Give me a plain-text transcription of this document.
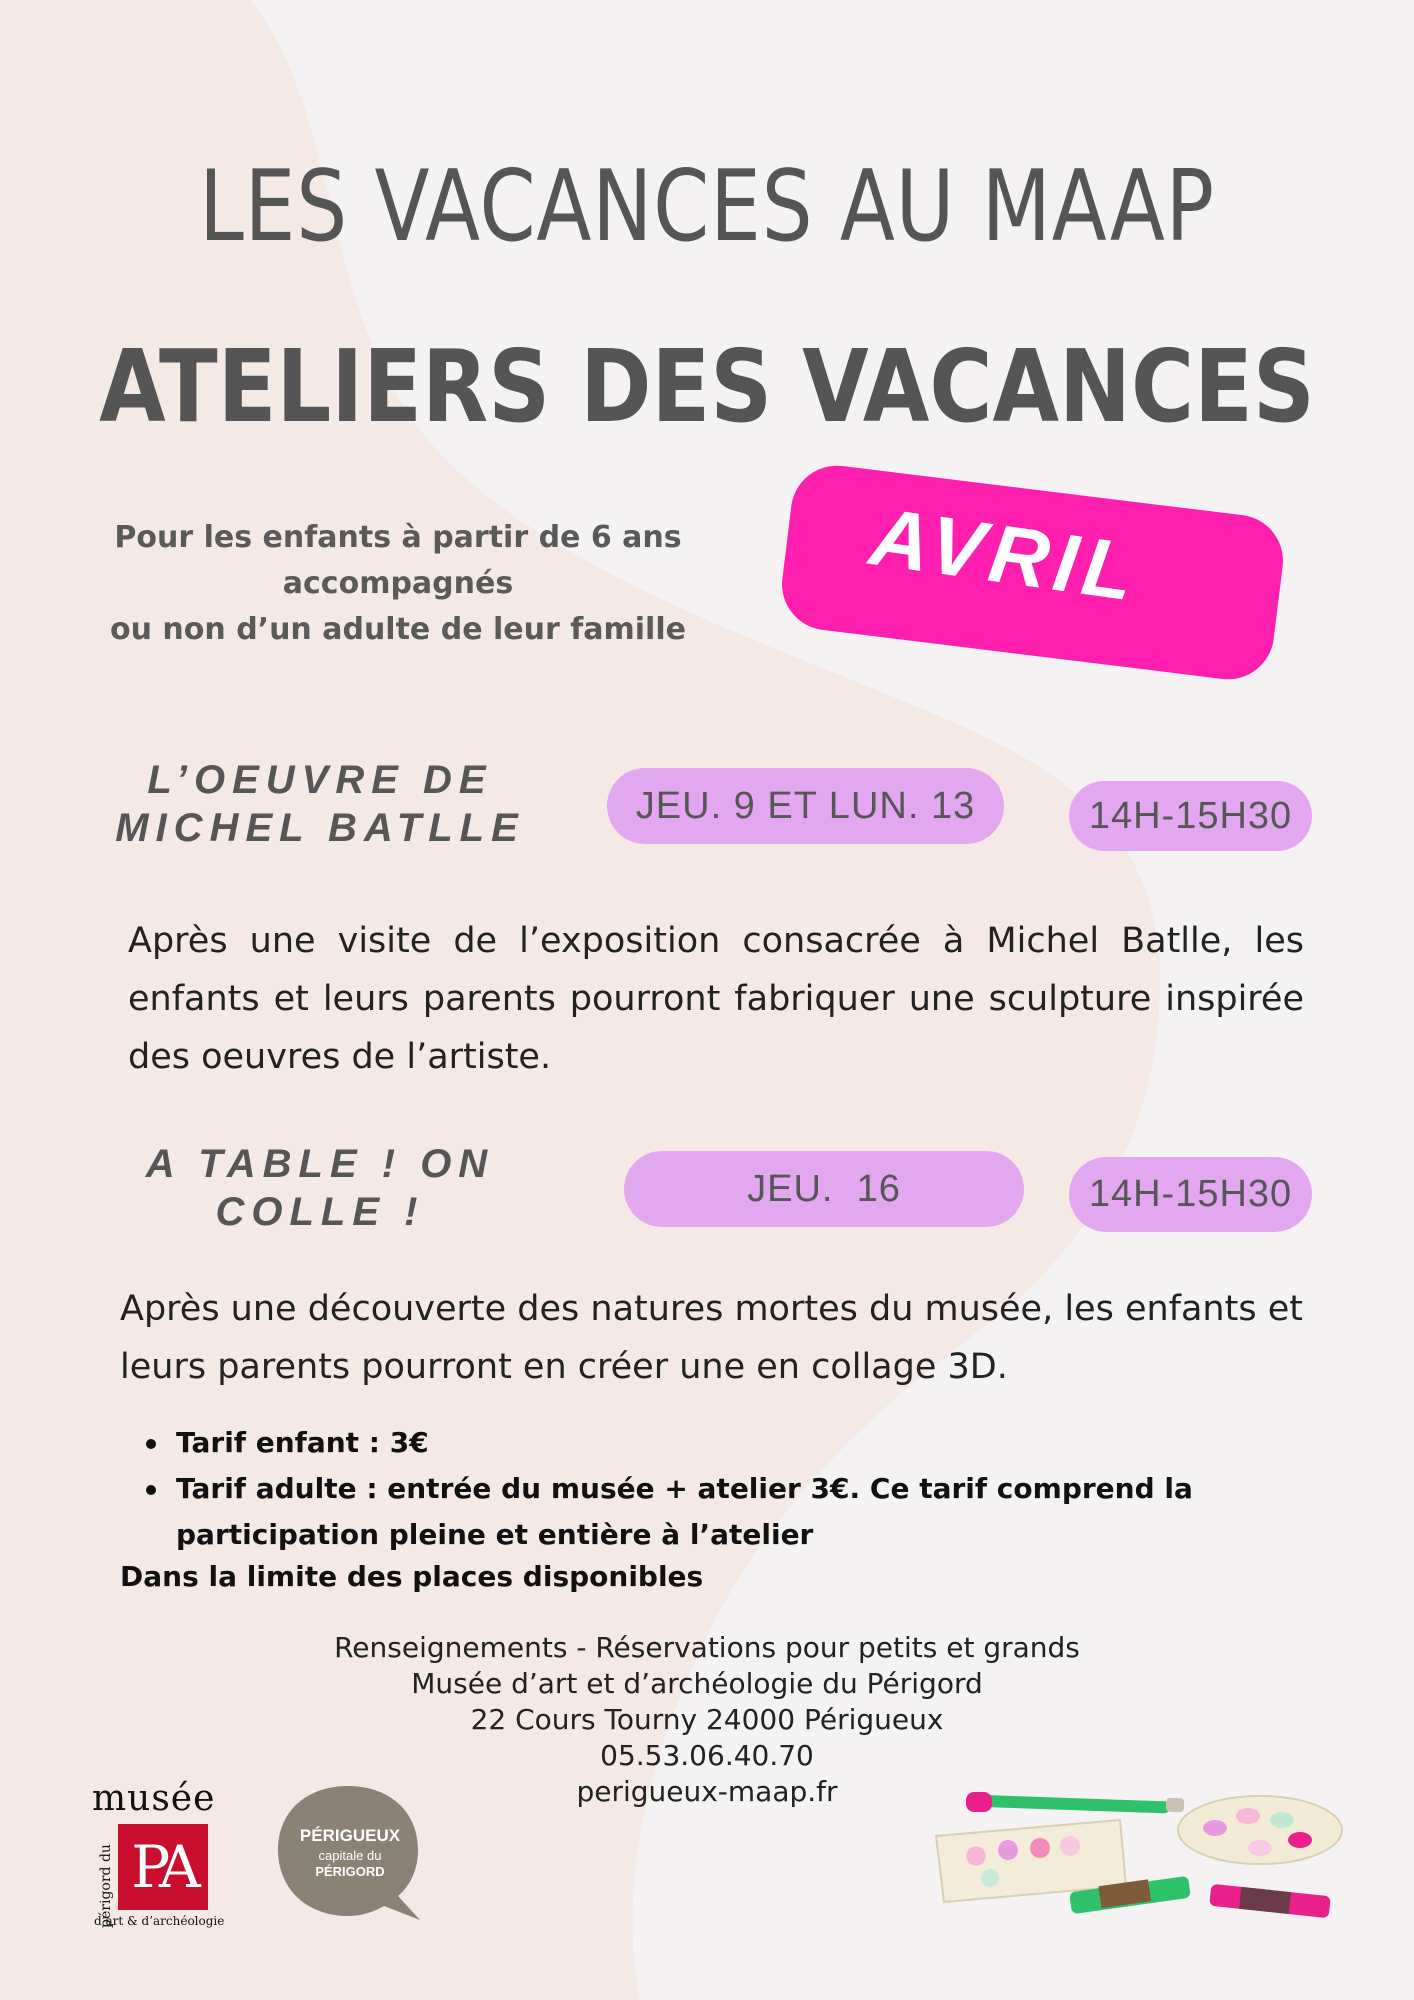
LES VACANCES AU MAAP
ATELIERS DES VACANCES
Pour les enfants à partir de 6 ans accompagnés
ou non d’un adulte de leur famille
AVRIL
L’OEUVRE DE
MICHEL BATLLE
JEU. 9 ET LUN. 13	14H-15H30
Après une visite de l’exposition consacrée à Michel Batlle, les enfants et leurs parents pourront fabriquer une sculpture inspirée des oeuvres de l’artiste.
A TABLE ! ON
COLLE !
JEU.  16	14H-15H30
Après une découverte des natures mortes du musée, les enfants et leurs parents pourront en créer une en collage 3D.
Tarif enfant : 3€
Tarif adulte : entrée du musée + atelier 3€. Ce tarif comprend la participation pleine et entière à l’atelier
Dans la limite des places disponibles
Renseignements - Réservations pour petits et grands
Musée d’art et d’archéologie du Périgord
22 Cours Tourny 24000 Périgueux
05.53.06.40.70
perigueux-maap.fr
musée
périgord du PA
d’art & d’archéologie
PÉRIGUEUX
capitale du
PÉRIGORD
